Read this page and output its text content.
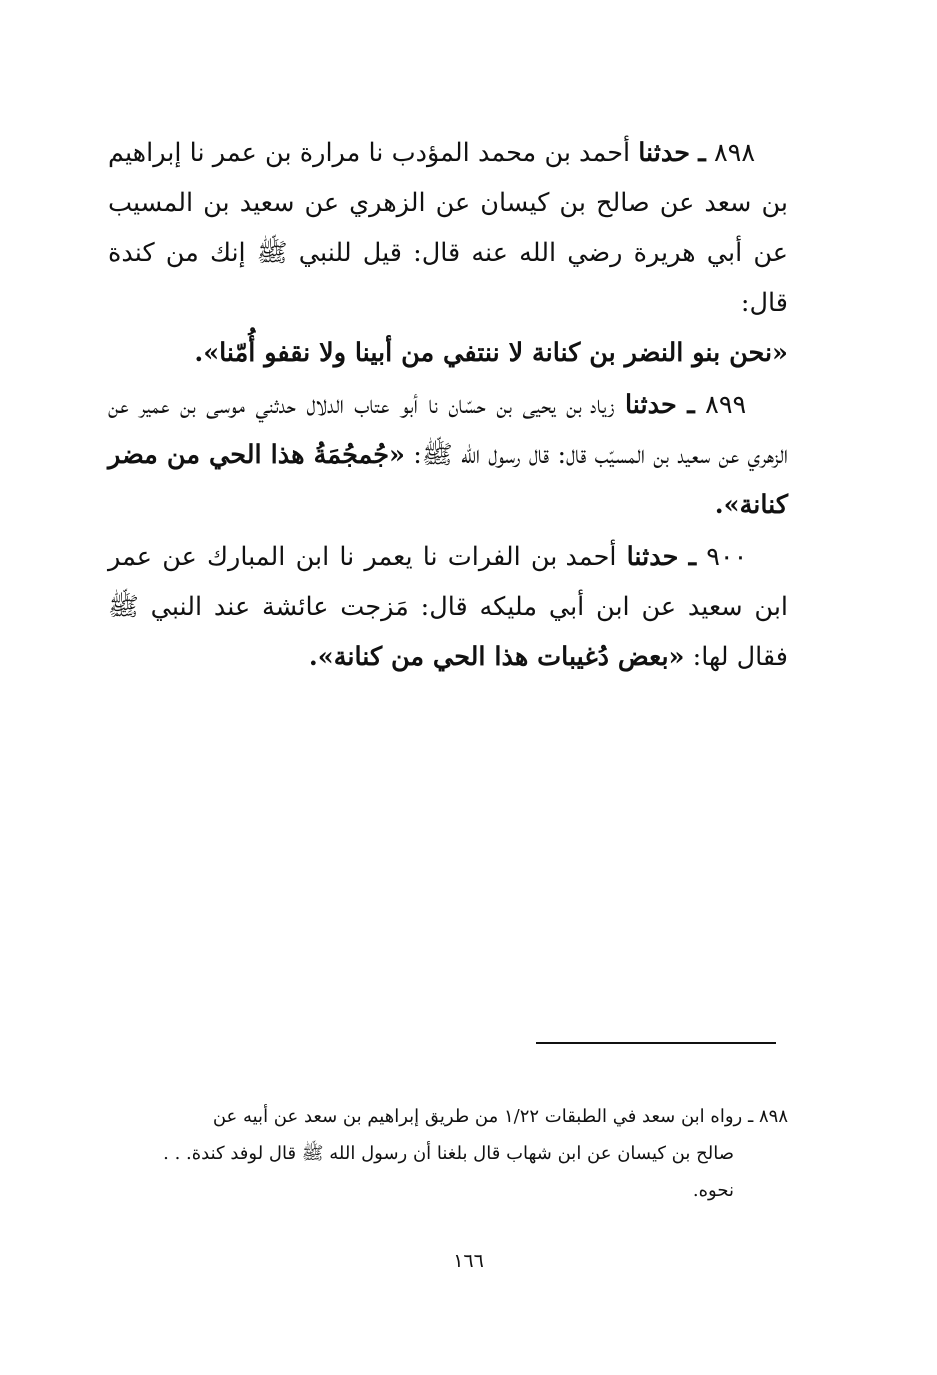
٨٩٨ ـ حدثنا أحمد بن محمد المؤدب نا مرارة بن عمر نا إبراهيم بن سعد عن صالح بن كيسان عن الزهري عن سعيد بن المسيب عن أبي هريرة رضي الله عنه قال: قيل للنبي ﷺ إنك من كندة قال:

«نحن بنو النضر بن كنانة لا ننتفي من أبينا ولا نقفو أُمّنا».

٨٩٩ ـ حدثنا زياد بن يحيى بن حسّان نا أبو عتاب الدلال حدثني موسى بن عمير عن الزهري عن سعيد بن المسيّب قال: قال رسول الله ﷺ: «جُمجُمَةُ هذا الحي من مضر كنانة».

٩٠٠ ـ حدثنا أحمد بن الفرات نا يعمر نا ابن المبارك عن عمر ابن سعيد عن ابن أبي مليكه قال: مَزجت عائشة عند النبي ﷺ فقال لها: «بعض دُغيبات هذا الحي من كنانة».

٨٩٨ ـ رواه ابن سعد في الطبقات ١/٢٢ من طريق إبراهيم بن سعد عن أبيه عن
صالح بن كيسان عن ابن شهاب قال بلغنا أن رسول الله ﷺ قال لوفد كندة. . .
نحوه.
١٦٦
